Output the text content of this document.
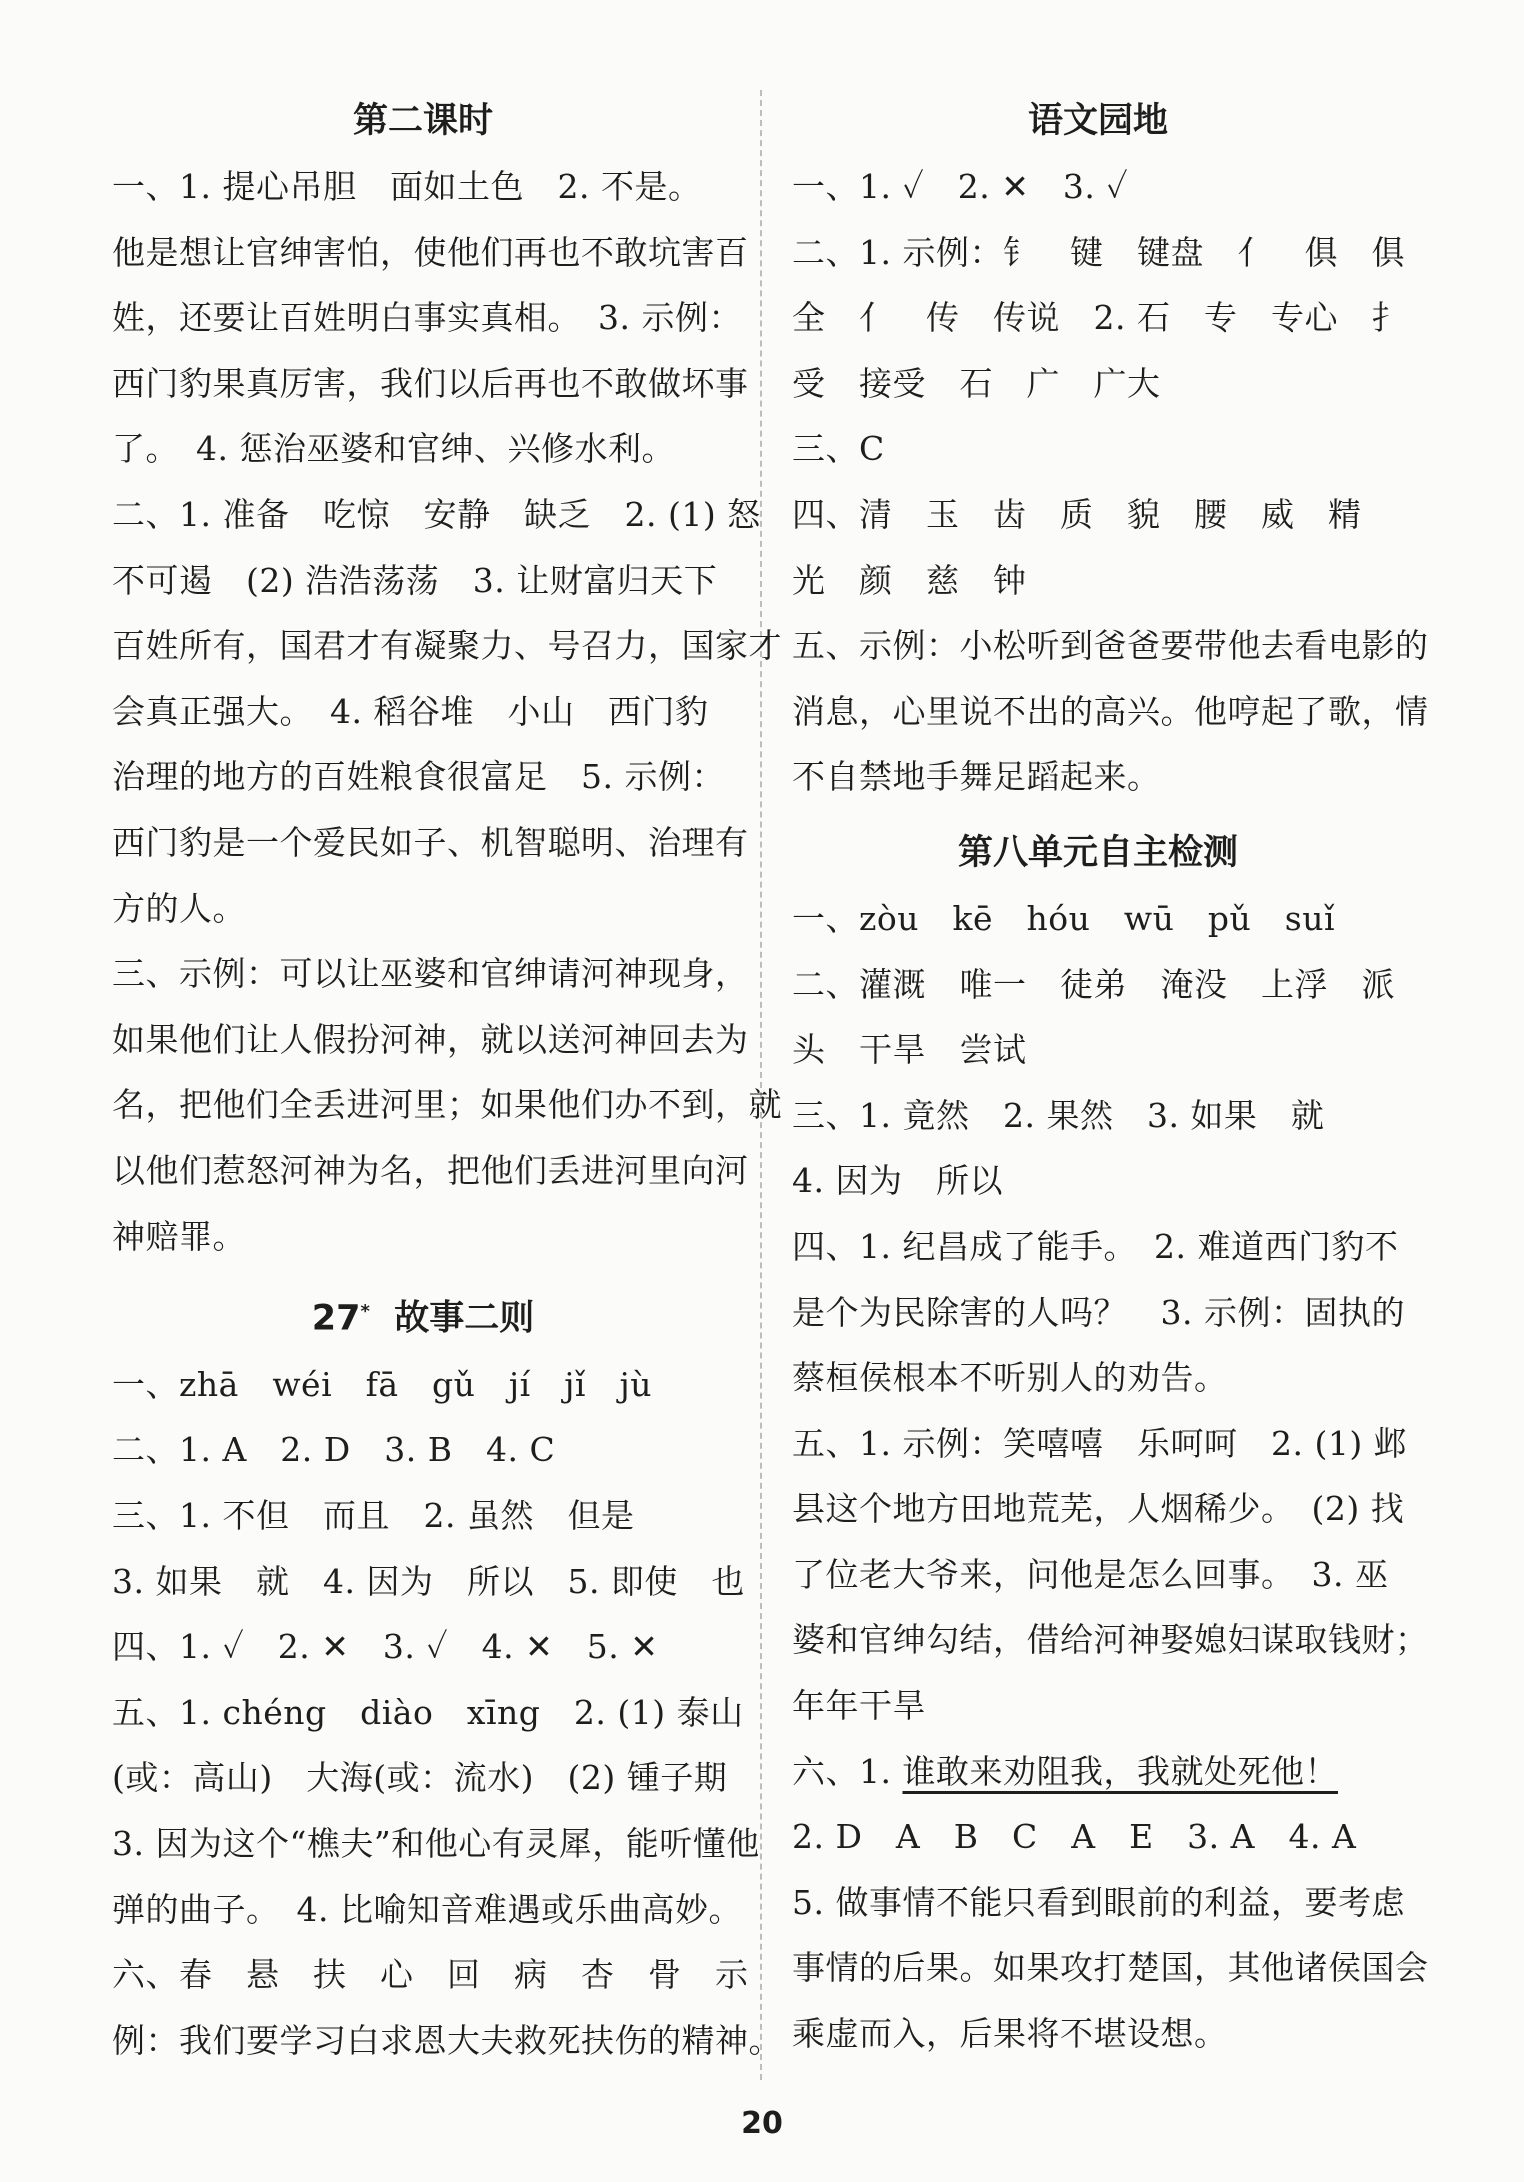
第二课时
一、1. 提心吊胆　面如土色　2. 不是。
他是想让官绅害怕，使他们再也不敢坑害百
姓，还要让百姓明白事实真相。　3. 示例：
西门豹果真厉害，我们以后再也不敢做坏事
了。　4. 惩治巫婆和官绅、兴修水利。
二、1. 准备　吃惊　安静　缺乏　2. (1) 怒
不可遏　(2) 浩浩荡荡　3. 让财富归天下
百姓所有，国君才有凝聚力、号召力，国家才
会真正强大。　4. 稻谷堆　小山　西门豹
治理的地方的百姓粮食很富足　5. 示例：
西门豹是一个爱民如子、机智聪明、治理有
方的人。
三、示例：可以让巫婆和官绅请河神现身，
如果他们让人假扮河神，就以送河神回去为
名，把他们全丢进河里；如果他们办不到，就
以他们惹怒河神为名，把他们丢进河里向河
神赔罪。
27* 故事二则
一、zhā　wéi　fā　gǔ　jí　jǐ　jù
二、1. A　2. D　3. B　4. C
三、1. 不但　而且　2. 虽然　但是
3. 如果　就　4. 因为　所以　5. 即使　也
四、1. ✓　2. ✕　3. ✓　4. ✕　5. ✕
五、1. chéng　diào　xīng　2. (1) 泰山
(或：高山)　大海(或：流水)　(2) 锺子期
3. 因为这个“樵夫”和他心有灵犀，能听懂他
弹的曲子。　4. 比喻知音难遇或乐曲高妙。
六、春　悬　扶　心　回　病　杏　骨　示
例：我们要学习白求恩大夫救死扶伤的精神。
语文园地
一、1. ✓　2. ✕　3. ✓
二、1. 示例：钅　键　键盘　亻　俱　俱
全　亻　传　传说　2. 石　专　专心　扌
受　接受　石　广　广大
三、C
四、清　玉　齿　质　貌　腰　威　精
光　颜　慈　钟
五、示例：小松听到爸爸要带他去看电影的
消息，心里说不出的高兴。他哼起了歌，情
不自禁地手舞足蹈起来。
第八单元自主检测
一、zòu　kē　hóu　wū　pǔ　suǐ
二、灌溉　唯一　徒弟　淹没　上浮　派
头　干旱　尝试
三、1. 竟然　2. 果然　3. 如果　就
4. 因为　所以
四、1. 纪昌成了能手。　2. 难道西门豹不
是个为民除害的人吗？　3. 示例：固执的
蔡桓侯根本不听别人的劝告。
五、1. 示例：笑嘻嘻　乐呵呵　2. (1) 邺
县这个地方田地荒芜，人烟稀少。　(2) 找
了位老大爷来，问他是怎么回事。　3. 巫
婆和官绅勾结，借给河神娶媳妇谋取钱财；
年年干旱
六、1. 谁敢来劝阻我，我就处死他！
2. D　A　B　C　A　E　3. A　4. A
5. 做事情不能只看到眼前的利益，要考虑
事情的后果。如果攻打楚国，其他诸侯国会
乘虚而入，后果将不堪设想。
20
